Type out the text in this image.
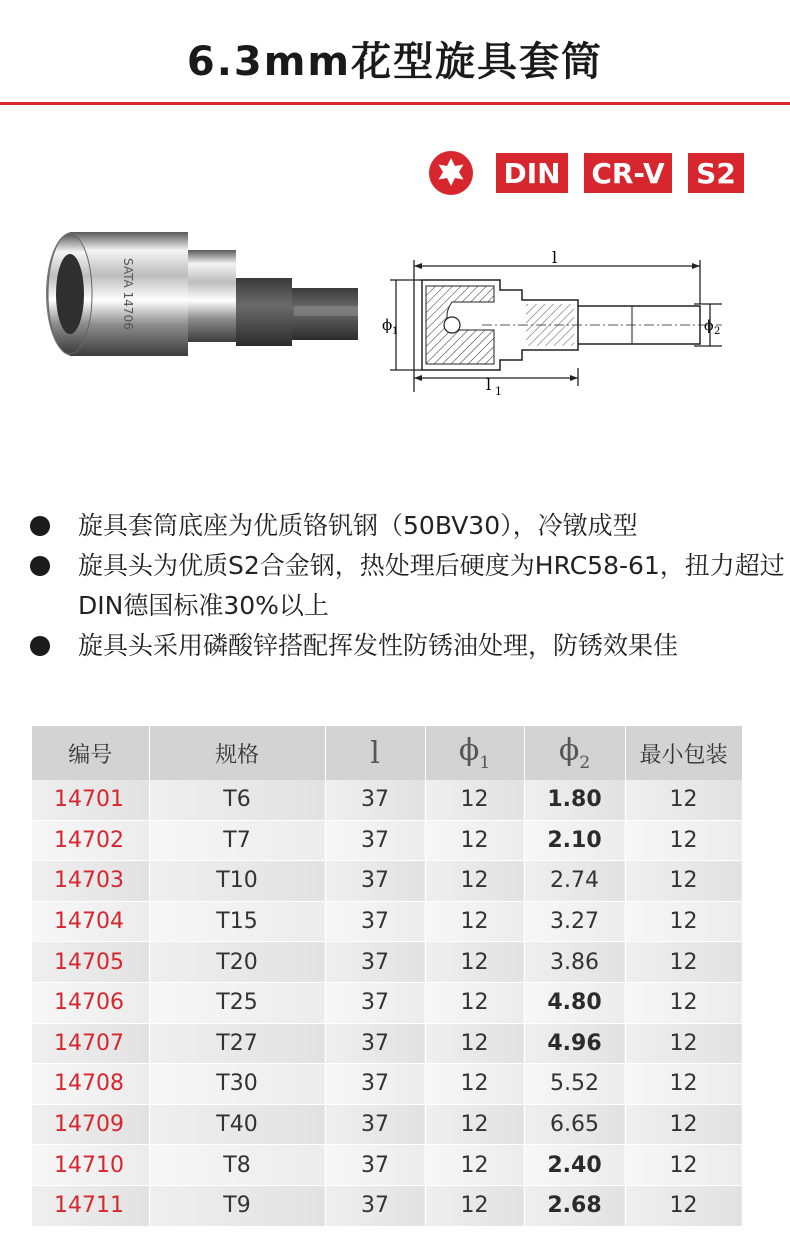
6.3mm花型旋具套筒
DIN CR-V S2
SATA 14706
l
l 1
ϕ 1	ϕ 2
旋具套筒底座为优质铬钒钢（50BV30），冷镦成型
旋具头为优质S2合金钢，热处理后硬度为HRC58-61，扭力超过DIN德国标准30%以上
旋具头采用磷酸锌搭配挥发性防锈油处理，防锈效果佳
编号	规格	l	$\phi_1$	$\phi_2$	最小包装
14701	T6	37	12	1.80	12
14702	T7	37	12	2.10	12
14703	T10	37	12	2.74	12
14704	T15	37	12	3.27	12
14705	T20	37	12	3.86	12
14706	T25	37	12	4.80	12
14707	T27	37	12	4.96	12
14708	T30	37	12	5.52	12
14709	T40	37	12	6.65	12
14710	T8	37	12	2.40	12
14711	T9	37	12	2.68	12
